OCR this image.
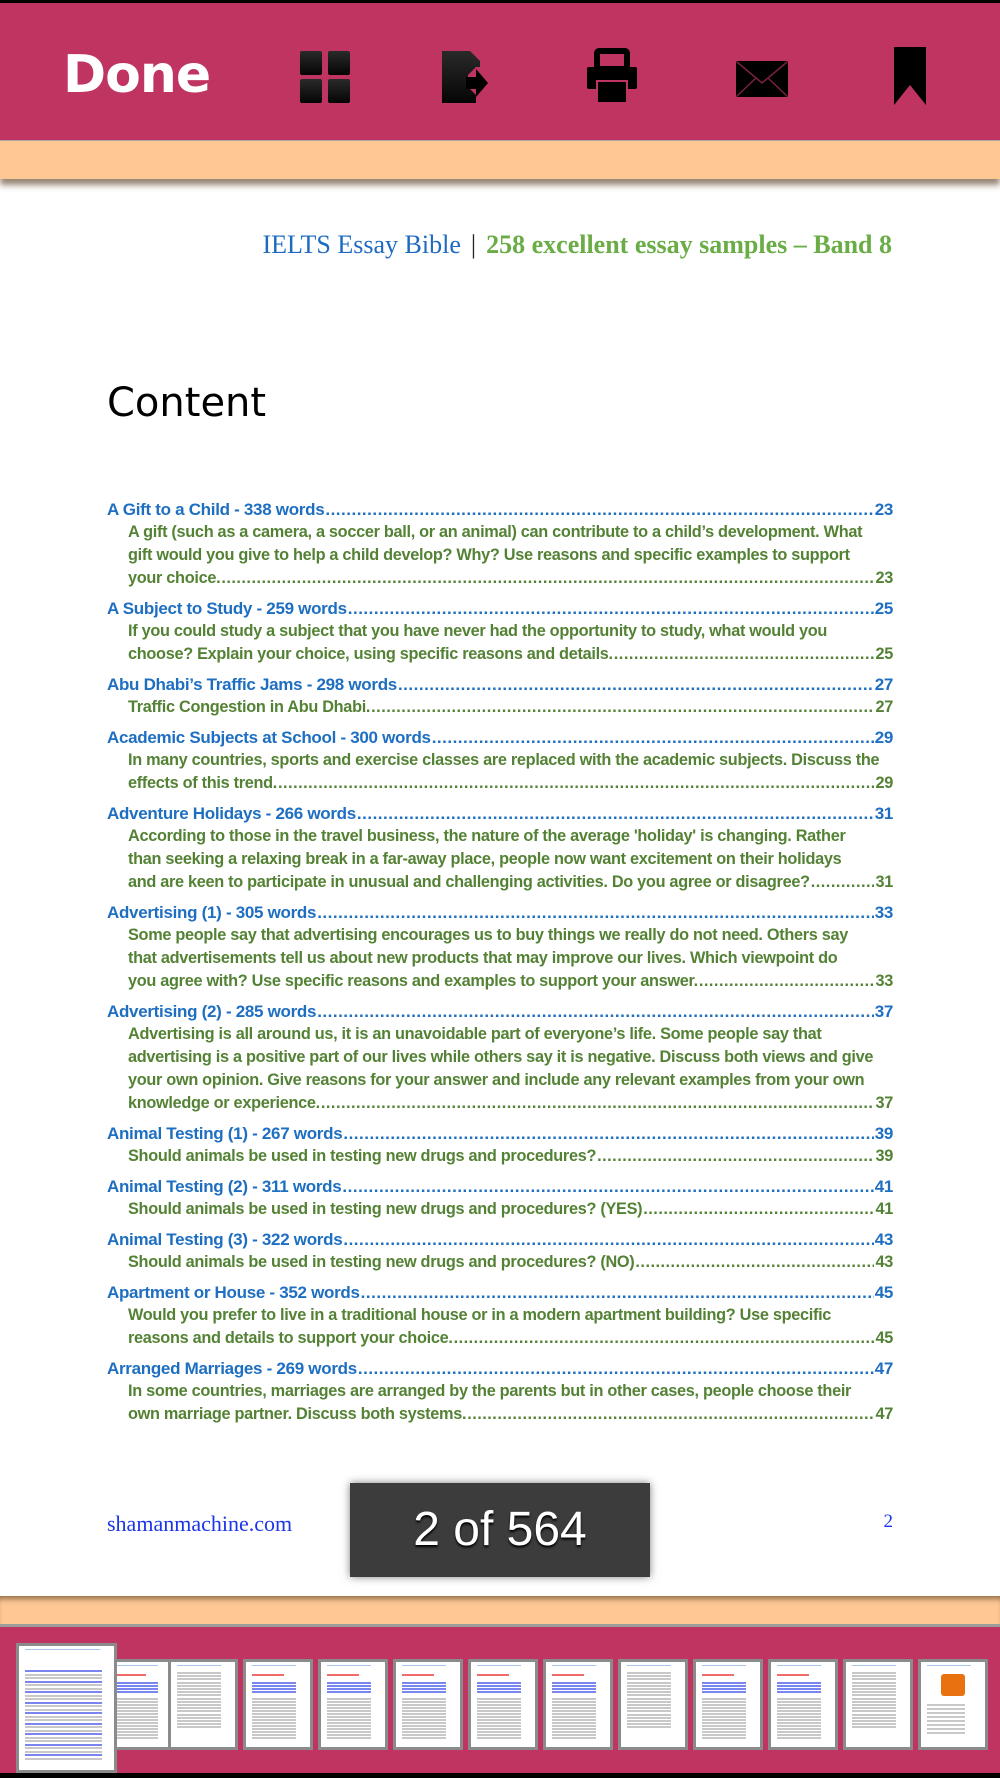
Done
IELTS Essay Bible | 258 excellent essay samples – Band 8
Content
A Gift to a Child - 338 words .....	23
A gift (such as a camera, a soccer ball, or an animal) can contribute to a child’s development. What
gift would you give to help a child develop? Why? Use reasons and specific examples to support
your choice. .....	23
A Subject to Study - 259 words .....	25
If you could study a subject that you have never had the opportunity to study, what would you
choose? Explain your choice, using specific reasons and details. .....	25
Abu Dhabi’s Traffic Jams - 298 words .....	27
Traffic Congestion in Abu Dhabi. .....	27
Academic Subjects at School - 300 words .....	29
In many countries, sports and exercise classes are replaced with the academic subjects. Discuss the
effects of this trend. .....	29
Adventure Holidays - 266 words .....	31
According to those in the travel business, the nature of the average 'holiday' is changing. Rather
than seeking a relaxing break in a far-away place, people now want excitement on their holidays
and are keen to participate in unusual and challenging activities. Do you agree or disagree? .....	31
Advertising (1) - 305 words .....	33
Some people say that advertising encourages us to buy things we really do not need. Others say
that advertisements tell us about new products that may improve our lives. Which viewpoint do
you agree with? Use specific reasons and examples to support your answer. .....	33
Advertising (2) - 285 words .....	37
Advertising is all around us, it is an unavoidable part of everyone’s life. Some people say that
advertising is a positive part of our lives while others say it is negative. Discuss both views and give
your own opinion. Give reasons for your answer and include any relevant examples from your own
knowledge or experience. .....	37
Animal Testing (1) - 267 words .....	39
Should animals be used in testing new drugs and procedures? .....	39
Animal Testing (2) - 311 words .....	41
Should animals be used in testing new drugs and procedures? (YES) .....	41
Animal Testing (3) - 322 words .....	43
Should animals be used in testing new drugs and procedures? (NO) .....	43
Apartment or House - 352 words .....	45
Would you prefer to live in a traditional house or in a modern apartment building? Use specific
reasons and details to support your choice. .....	45
Arranged Marriages - 269 words .....	47
In some countries, marriages are arranged by the parents but in other cases, people choose their
own marriage partner. Discuss both systems. .....	47
shamanmachine.com	2
2 of 564
